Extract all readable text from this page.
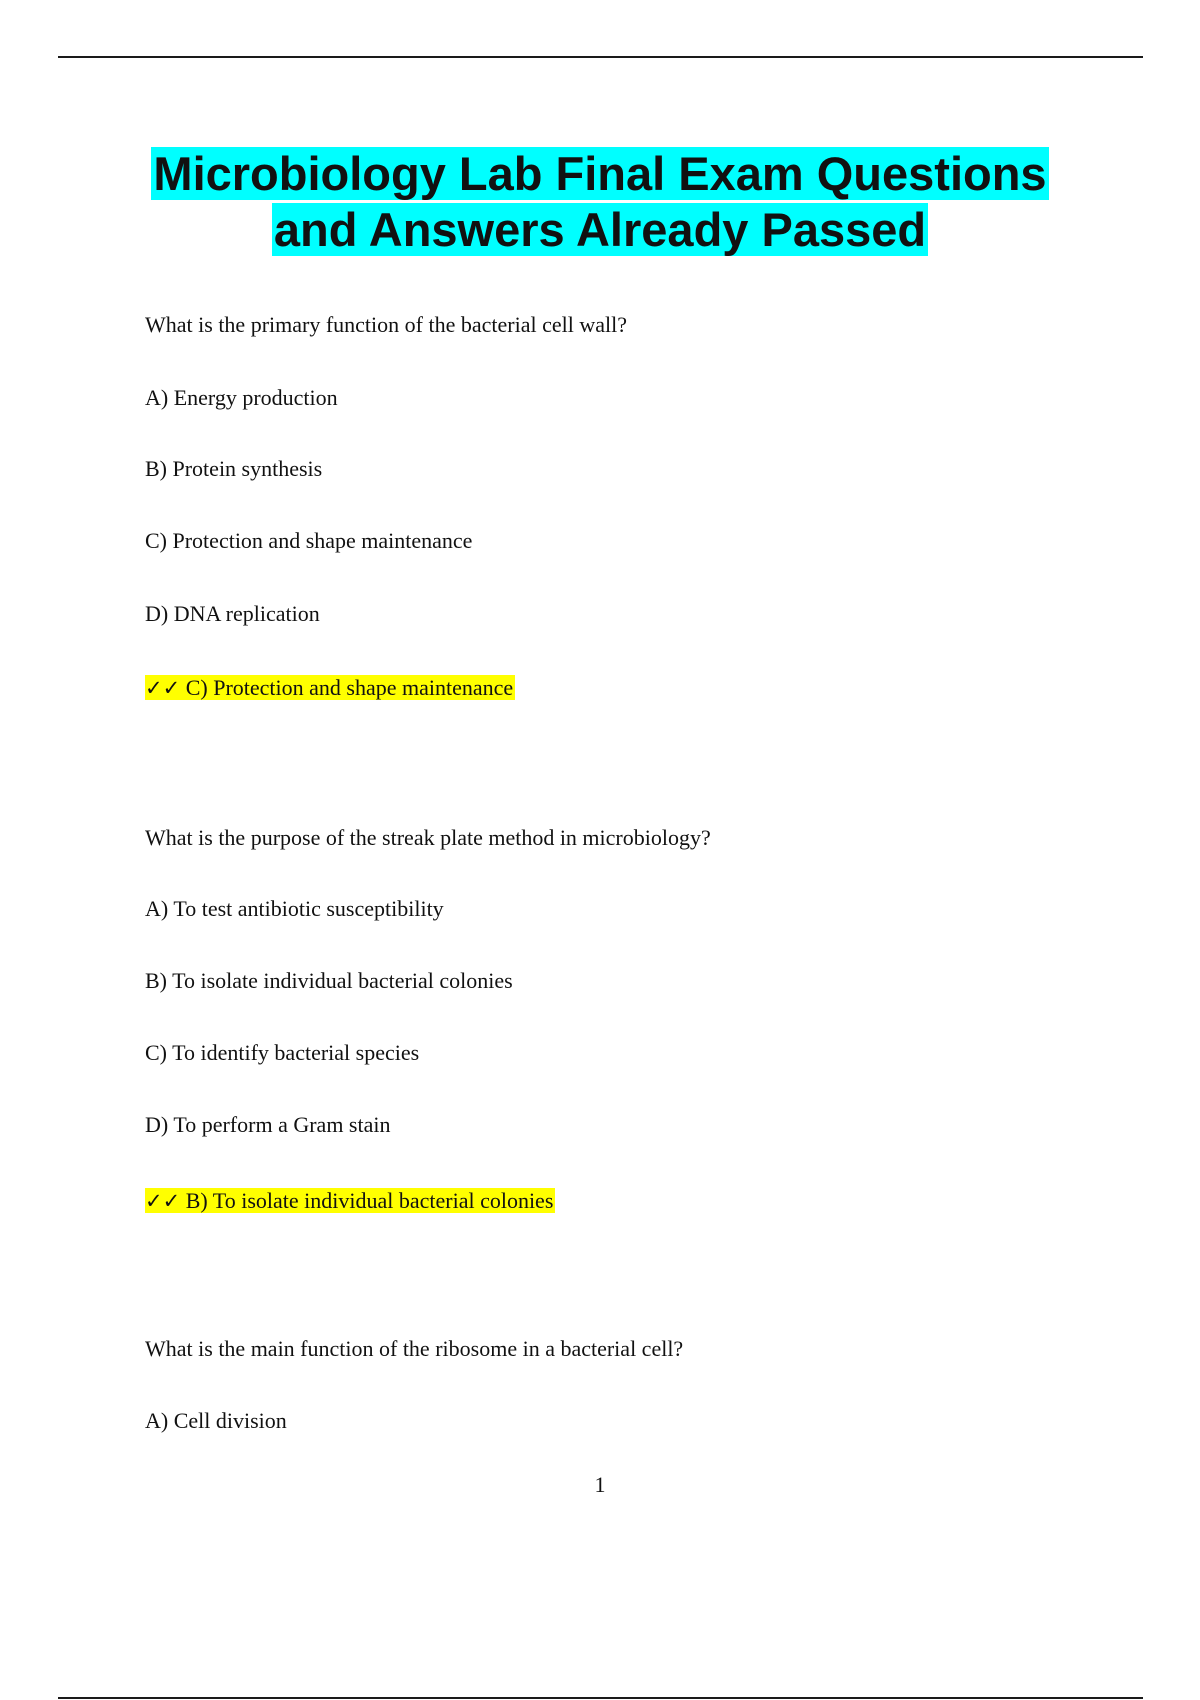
Microbiology Lab Final Exam Questions
and Answers Already Passed
What is the primary function of the bacterial cell wall?
A) Energy production
B) Protein synthesis
C) Protection and shape maintenance
D) DNA replication
✓✓ C) Protection and shape maintenance
What is the purpose of the streak plate method in microbiology?
A) To test antibiotic susceptibility
B) To isolate individual bacterial colonies
C) To identify bacterial species
D) To perform a Gram stain
✓✓ B) To isolate individual bacterial colonies
What is the main function of the ribosome in a bacterial cell?
A) Cell division
1
